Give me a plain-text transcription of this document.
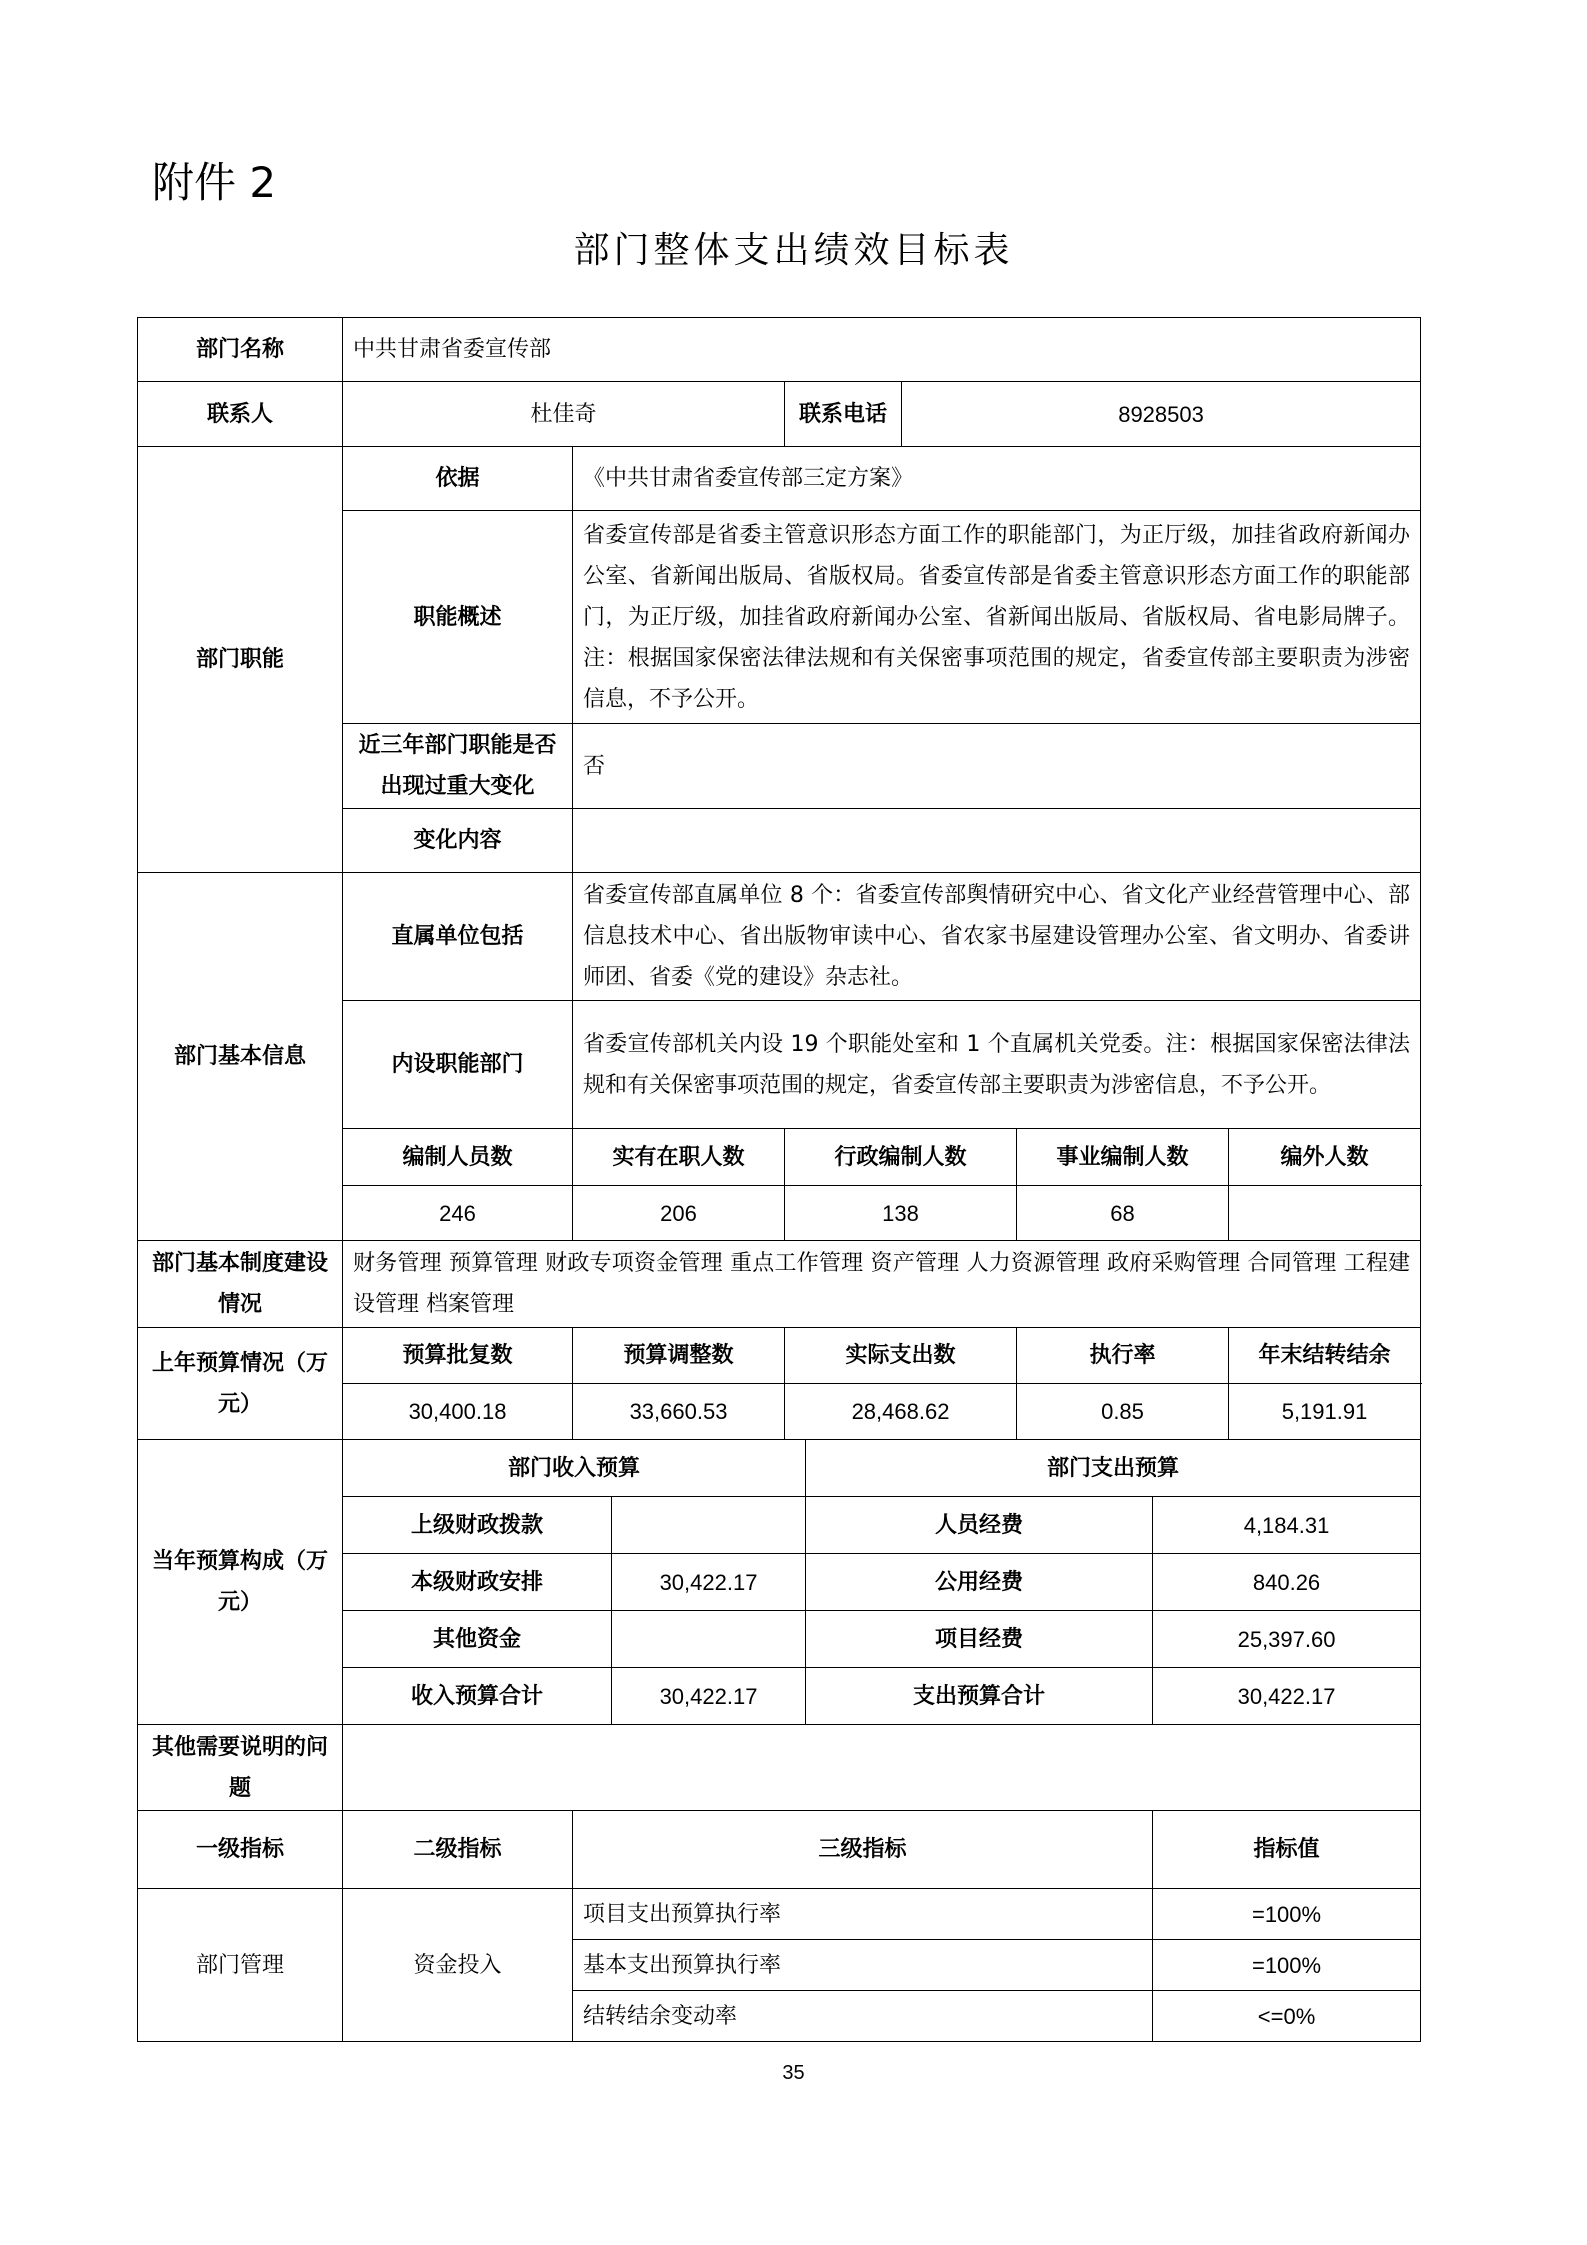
附件 2
部门整体支出绩效目标表
部门名称	中共甘肃省委宣传部								
联系人	杜佳奇			联系电话		8928503			
部门职能	依据	《中共甘肃省委宣传部三定方案》							
	职能概述	省委宣传部是省委主管意识形态方面工作的职能部门，为正厅级，加挂省政府新闻办公室、省新闻出版局、省版权局。省委宣传部是省委主管意识形态方面工作的职能部门，为正厅级，加挂省政府新闻办公室、省新闻出版局、省版权局、省电影局牌子。注：根据国家保密法律法规和有关保密事项范围的规定，省委宣传部主要职责为涉密信息，不予公开。							
	近三年部门职能是否出现过重大变化	否							
	变化内容								
部门基本信息	直属单位包括	省委宣传部直属单位 8 个：省委宣传部舆情研究中心、省文化产业经营管理中心、部信息技术中心、省出版物审读中心、省农家书屋建设管理办公室、省文明办、省委讲师团、省委《党的建设》杂志社。							
	内设职能部门	省委宣传部机关内设 19 个职能处室和 1 个直属机关党委。注：根据国家保密法律法规和有关保密事项范围的规定，省委宣传部主要职责为涉密信息，不予公开。							
	编制人员数	实有在职人数		行政编制人数			事业编制人数		编外人数
	246	206		138			68		
部门基本制度建设情况	财务管理 预算管理 财政专项资金管理 重点工作管理 资产管理 人力资源管理 政府采购管理 合同管理 工程建设管理 档案管理								
上年预算情况（万元）	预算批复数	预算调整数		实际支出数			执行率		年末结转结余
	30,400.18	33,660.53		28,468.62			0.85		5,191.91
当年预算构成（万元）	部门收入预算				部门支出预算				
	上级财政拨款				人员经费			4,184.31	
	本级财政安排		30,422.17		公用经费			840.26	
	其他资金				项目经费			25,397.60	
	收入预算合计		30,422.17		支出预算合计			30,422.17	
其他需要说明的问题									
一级指标	二级指标	三级指标						指标值	
部门管理	资金投入	项目支出预算执行率						=100%	
		基本支出预算执行率						=100%	
		结转结余变动率						<=0%	
35
